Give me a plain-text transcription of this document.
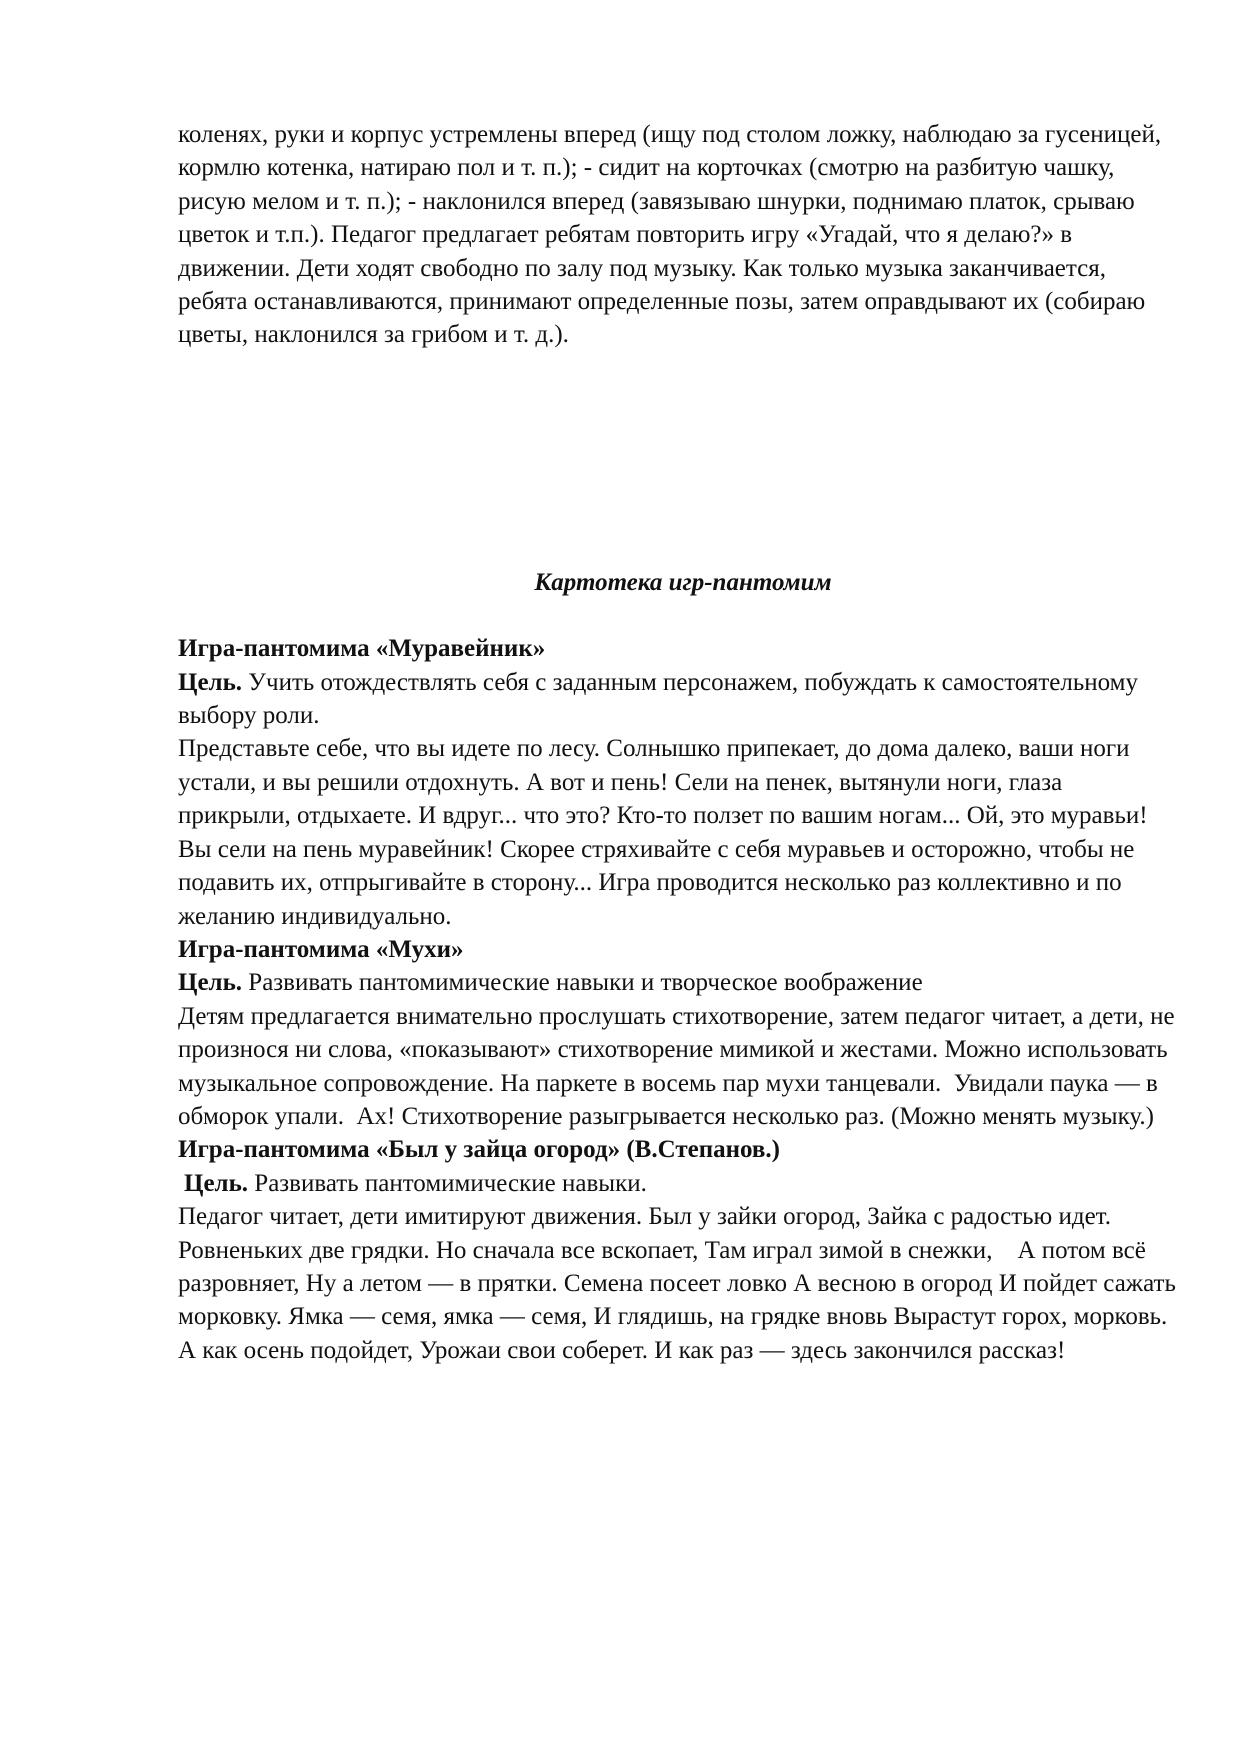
коленях, руки и корпус устремлены вперед (ищу под столом ложку, наблюдаю за гусеницей, кормлю котенка, натираю пол и т. п.); - сидит на корточках (смотрю на разбитую чашку, рисую мелом и т. п.); - наклонился вперед (завязываю шнурки, поднимаю платок, срываю цветок и т.п.). Педагог предлагает ребятам повторить игру «Угадай, что я делаю?» в движении. Дети ходят свободно по залу под музыку. Как только музыка заканчивается, ребята останавливаются, принимают определенные позы, затем оправдывают их (собираю цветы, наклонился за грибом и т. д.).

Картотека игр-пантомим

Игра-пантомима «Муравейник»

Цель. Учить отождествлять себя с заданным персонажем, побуждать к самостоятельному выбору роли.

Представьте себе, что вы идете по лесу. Солнышко припекает, до дома далеко, ваши ноги устали, и вы решили отдохнуть. А вот и пень! Сели на пенек, вытянули ноги, глаза прикрыли, отдыхаете. И вдруг... что это? Кто-то ползет по вашим ногам... Ой, это муравьи! Вы сели на пень муравейник! Скорее стряхивайте с себя муравьев и осторожно, чтобы не подавить их, отпрыгивайте в сторону... Игра проводится несколько раз коллективно и по желанию индивидуально.

Игра-пантомима «Мухи»

Цель. Развивать пантомимические навыки и творческое воображение

Детям предлагается внимательно прослушать стихотворение, затем педагог читает, а дети, не произнося ни слова, «показывают» стихотворение мимикой и жестами. Можно использовать музыкальное сопровождение. На паркете в восемь пар мухи танцевали.  Увидали паука — в обморок упали.  Ах! Стихотворение разыгрывается несколько раз. (Можно менять музыку.)

Игра-пантомима «Был у зайца огород» (В.Степанов.)

Цель. Развивать пантомимические навыки.

Педагог читает, дети имитируют движения. Был у зайки огород, Зайка с радостью идет. Ровненьких две грядки. Но сначала все вскопает, Там играл зимой в снежки,    А потом всё   разровняет, Ну а летом — в прятки. Семена посеет ловко А весною в огород И пойдет сажать морковку. Ямка — семя, ямка — семя, И глядишь, на грядке вновь Вырастут горох, морковь. А как осень подойдет, Урожаи свои соберет. И как раз — здесь закончился рассказ!
